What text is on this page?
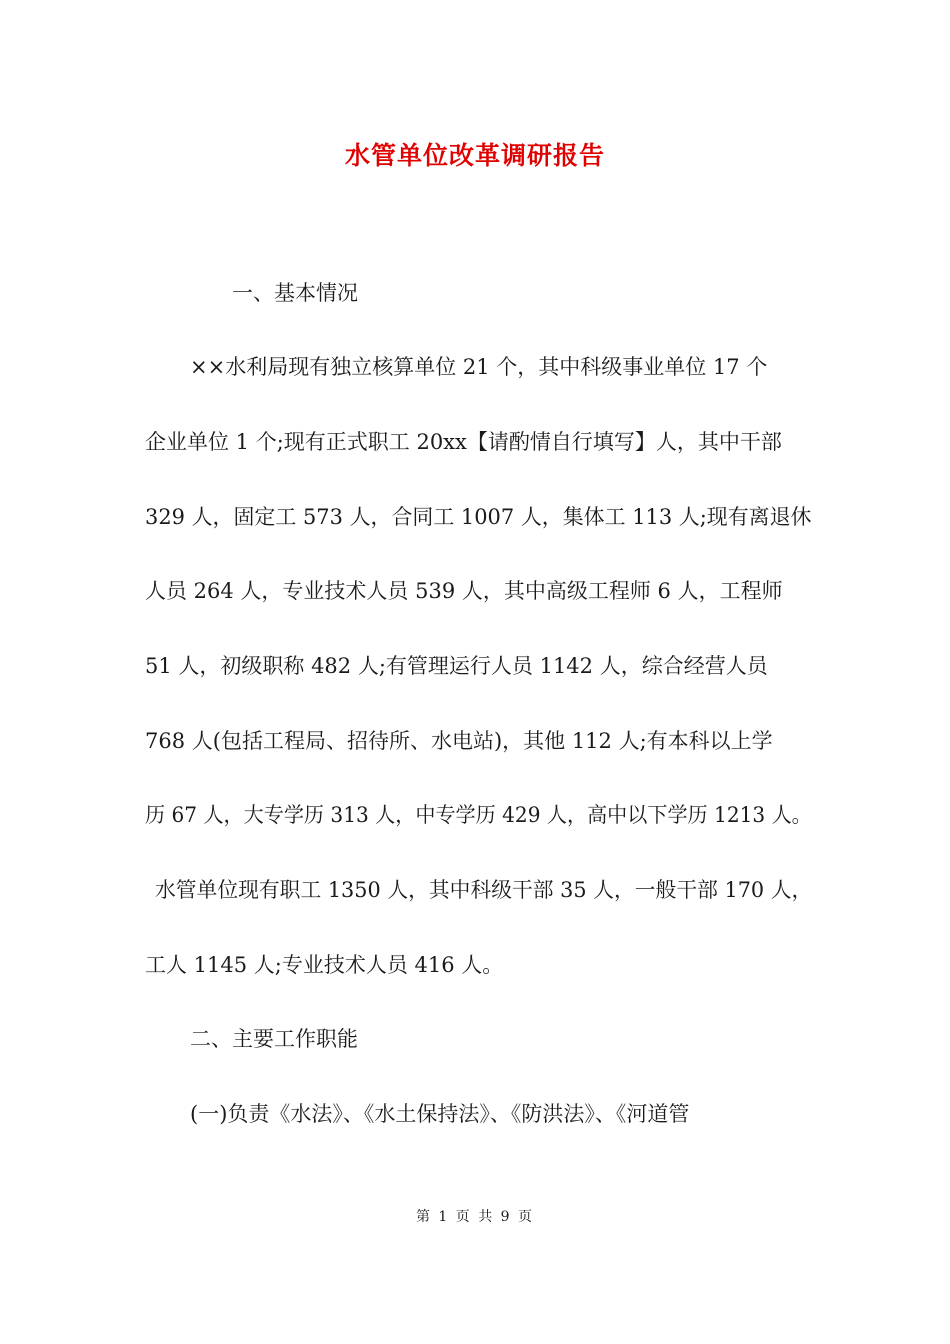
水管单位改革调研报告
一、基本情况
××水利局现有独立核算单位 21 个，其中科级事业单位 17 个
企业单位 1 个;现有正式职工 20xx【请酌情自行填写】人，其中干部
329 人，固定工 573 人，合同工 1007 人，集体工 113 人;现有离退休
人员 264 人，专业技术人员 539 人，其中高级工程师 6 人，工程师
51 人，初级职称 482 人;有管理运行人员 1142 人，综合经营人员
768 人(包括工程局、招待所、水电站)，其他 112 人;有本科以上学
历 67 人，大专学历 313 人，中专学历 429 人，高中以下学历 1213 人。
水管单位现有职工 1350 人，其中科级干部 35 人，一般干部 170 人，
工人 1145 人;专业技术人员 416 人。
二、主要工作职能
(一)负责《水法》、《水土保持法》、《防洪法》、《河道管
第 1 页 共 9 页
